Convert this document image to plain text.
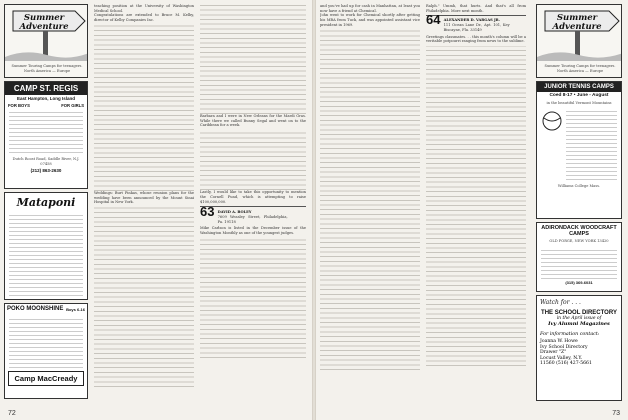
Summer
Adventure
Summer Touring Camps for teenagers. North America — Europe
CAMP ST. REGIS
East Hampton, Long Island
FOR BOYS	FOR GIRLS
Dutch Roost Road, Saddle River, N.J. 07458
(212) 863-2630
Mataponi
POKO MOONSHINE Boys 6-16
Camp MacCready

teaching position at the University of Washington Medical School.

Congratulations are extended to Bruce M. Kelby, director of Kelby Companies Inc.

Weddings: Burt Pinkas, whose reunion plans for the wedding have been announced by the Mount Sinai Hospital in New York.

Barbara and I were in New Orleans for the Mardi Gras. While there we called Bunny Segal and went on to the Caribbean for a week.

Lastly, I would like to take this opportunity to mention the Cornell Fund, which is attempting to raise $100,000,000.

63 DAVID A. BOLEY
7609 Weasley Street, Philadelphia, Pa. 19118

Mike Carlson is listed in the December issue of the Washington Monthly as one of the youngest judges.

72

and you've had up for cash in Manhattan, at least you now have a friend at Chemical.

John went to work for Chemical shortly after getting his MBA from Tuck, and was appointed assistant vice president in 1969.

Ralph." Ummh, that hurts. And that's all from Philadelphia. More next month.

64 ALEXANDER D. VARGAS JR.
111 Ocean Lane Dr., Apt. 101, Key Biscayne, Fla. 33149

Greetings classmates. . . this month's column will be a veritable potpourri ranging from news to the sublime.

Summer
Adventure
Summer Touring Camps for teenagers. North America — Europe
JUNIOR TENNIS CAMPS
Coed 8-17 • June - August
in the beautiful Vermont Mountains
Williams College Mass.
ADIRONDACK WOODCRAFT CAMPS
OLD FORGE, NEW YORK 13420
(315) 369-6031
Watch for . . .
THE SCHOOL DIRECTORY
in the April issue of
Ivy Alumni Magazines
For information contact:
Joanna W. Howe
Ivy School Directory
Drawer "Z"
Locust Valley, N.Y.
11560 (516) 427-5661
73
